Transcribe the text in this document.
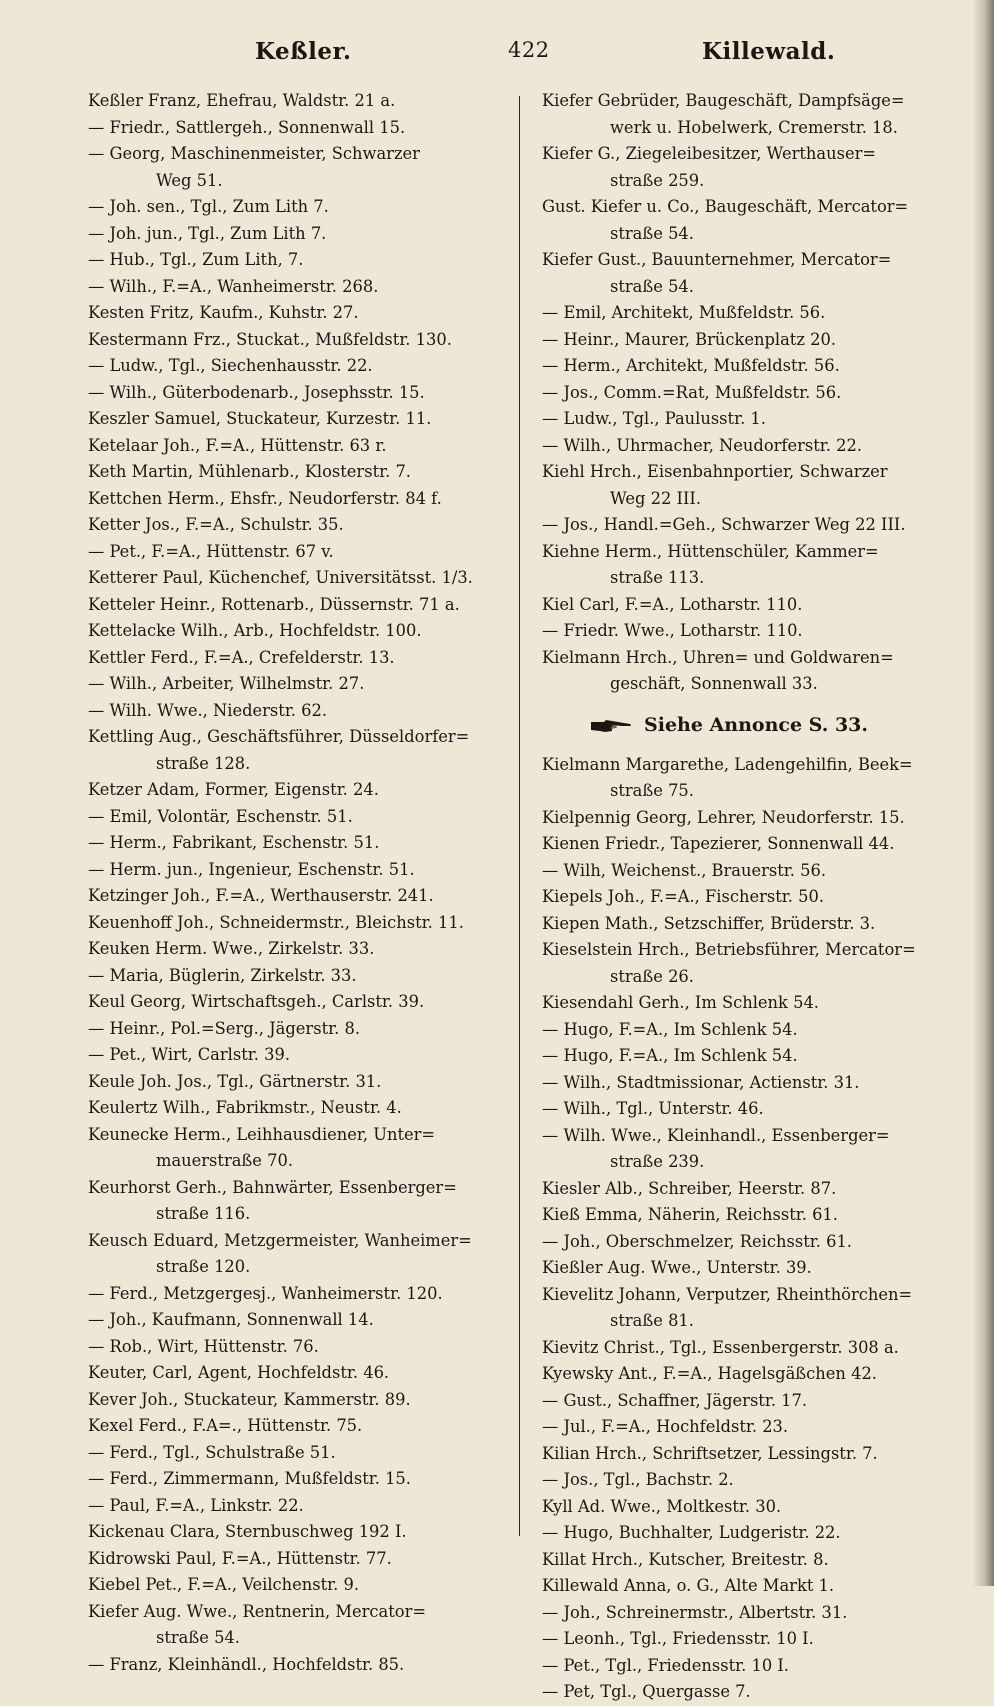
Keßler.	422	Killewald.
Keßler Franz, Ehefrau, Waldstr. 21 a.
— Friedr., Sattlergeh., Sonnenwall 15.
— Georg, Maschinenmeister, Schwarzer
Weg 51.
— Joh. sen., Tgl., Zum Lith 7.
— Joh. jun., Tgl., Zum Lith 7.
— Hub., Tgl., Zum Lith, 7.
— Wilh., F.=A., Wanheimerstr. 268.
Kesten Fritz, Kaufm., Kuhstr. 27.
Kestermann Frz., Stuckat., Mußfeldstr. 130.
— Ludw., Tgl., Siechenhausstr. 22.
— Wilh., Güterbodenarb., Josephsstr. 15.
Keszler Samuel, Stuckateur, Kurzestr. 11.
Ketelaar Joh., F.=A., Hüttenstr. 63 r.
Keth Martin, Mühlenarb., Klosterstr. 7.
Kettchen Herm., Ehsfr., Neudorferstr. 84 f.
Ketter Jos., F.=A., Schulstr. 35.
— Pet., F.=A., Hüttenstr. 67 v.
Ketterer Paul, Küchenchef, Universitätsst. 1/3.
Ketteler Heinr., Rottenarb., Düssernstr. 71 a.
Kettelacke Wilh., Arb., Hochfeldstr. 100.
Kettler Ferd., F.=A., Crefelderstr. 13.
— Wilh., Arbeiter, Wilhelmstr. 27.
— Wilh. Wwe., Niederstr. 62.
Kettling Aug., Geschäftsführer, Düsseldorfer=
straße 128.
Ketzer Adam, Former, Eigenstr. 24.
— Emil, Volontär, Eschenstr. 51.
— Herm., Fabrikant, Eschenstr. 51.
— Herm. jun., Ingenieur, Eschenstr. 51.
Ketzinger Joh., F.=A., Werthauserstr. 241.
Keuenhoff Joh., Schneidermstr., Bleichstr. 11.
Keuken Herm. Wwe., Zirkelstr. 33.
— Maria, Büglerin, Zirkelstr. 33.
Keul Georg, Wirtschaftsgeh., Carlstr. 39.
— Heinr., Pol.=Serg., Jägerstr. 8.
— Pet., Wirt, Carlstr. 39.
Keule Joh. Jos., Tgl., Gärtnerstr. 31.
Keulertz Wilh., Fabrikmstr., Neustr. 4.
Keunecke Herm., Leihhausdiener, Unter=
mauerstraße 70.
Keurhorst Gerh., Bahnwärter, Essenberger=
straße 116.
Keusch Eduard, Metzgermeister, Wanheimer=
straße 120.
— Ferd., Metzgergesj., Wanheimerstr. 120.
— Joh., Kaufmann, Sonnenwall 14.
— Rob., Wirt, Hüttenstr. 76.
Keuter, Carl, Agent, Hochfeldstr. 46.
Kever Joh., Stuckateur, Kammerstr. 89.
Kexel Ferd., F.A=., Hüttenstr. 75.
— Ferd., Tgl., Schulstraße 51.
— Ferd., Zimmermann, Mußfeldstr. 15.
— Paul, F.=A., Linkstr. 22.
Kickenau Clara, Sternbuschweg 192 I.
Kidrowski Paul, F.=A., Hüttenstr. 77.
Kiebel Pet., F.=A., Veilchenstr. 9.
Kiefer Aug. Wwe., Rentnerin, Mercator=
straße 54.
— Franz, Kleinhändl., Hochfeldstr. 85.
Kiefer Gebrüder, Baugeschäft, Dampfsäge=
werk u. Hobelwerk, Cremerstr. 18.
Kiefer G., Ziegeleibesitzer, Werthauser=
straße 259.
Gust. Kiefer u. Co., Baugeschäft, Mercator=
straße 54.
Kiefer Gust., Bauunternehmer, Mercator=
straße 54.
— Emil, Architekt, Mußfeldstr. 56.
— Heinr., Maurer, Brückenplatz 20.
— Herm., Architekt, Mußfeldstr. 56.
— Jos., Comm.=Rat, Mußfeldstr. 56.
— Ludw., Tgl., Paulusstr. 1.
— Wilh., Uhrmacher, Neudorferstr. 22.
Kiehl Hrch., Eisenbahnportier, Schwarzer
Weg 22 III.
— Jos., Handl.=Geh., Schwarzer Weg 22 III.
Kiehne Herm., Hüttenschüler, Kammer=
straße 113.
Kiel Carl, F.=A., Lotharstr. 110.
— Friedr. Wwe., Lotharstr. 110.
Kielmann Hrch., Uhren= und Goldwaren=
geschäft, Sonnenwall 33.
Siehe Annonce S. 33.
Kielmann Margarethe, Ladengehilfin, Beek=
straße 75.
Kielpennig Georg, Lehrer, Neudorferstr. 15.
Kienen Friedr., Tapezierer, Sonnenwall 44.
— Wilh, Weichenst., Brauerstr. 56.
Kiepels Joh., F.=A., Fischerstr. 50.
Kiepen Math., Setzschiffer, Brüderstr. 3.
Kieselstein Hrch., Betriebsführer, Mercator=
straße 26.
Kiesendahl Gerh., Im Schlenk 54.
— Hugo, F.=A., Im Schlenk 54.
— Hugo, F.=A., Im Schlenk 54.
— Wilh., Stadtmissionar, Actienstr. 31.
— Wilh., Tgl., Unterstr. 46.
— Wilh. Wwe., Kleinhandl., Essenberger=
straße 239.
Kiesler Alb., Schreiber, Heerstr. 87.
Kieß Emma, Näherin, Reichsstr. 61.
— Joh., Oberschmelzer, Reichsstr. 61.
Kießler Aug. Wwe., Unterstr. 39.
Kievelitz Johann, Verputzer, Rheinthörchen=
straße 81.
Kievitz Christ., Tgl., Essenbergerstr. 308 a.
Kyewsky Ant., F.=A., Hagelsgäßchen 42.
— Gust., Schaffner, Jägerstr. 17.
— Jul., F.=A., Hochfeldstr. 23.
Kilian Hrch., Schriftsetzer, Lessingstr. 7.
— Jos., Tgl., Bachstr. 2.
Kyll Ad. Wwe., Moltkestr. 30.
— Hugo, Buchhalter, Ludgeristr. 22.
Killat Hrch., Kutscher, Breitestr. 8.
Killewald Anna, o. G., Alte Markt 1.
— Joh., Schreinermstr., Albertstr. 31.
— Leonh., Tgl., Friedensstr. 10 I.
— Pet., Tgl., Friedensstr. 10 I.
— Pet, Tgl., Quergasse 7.
